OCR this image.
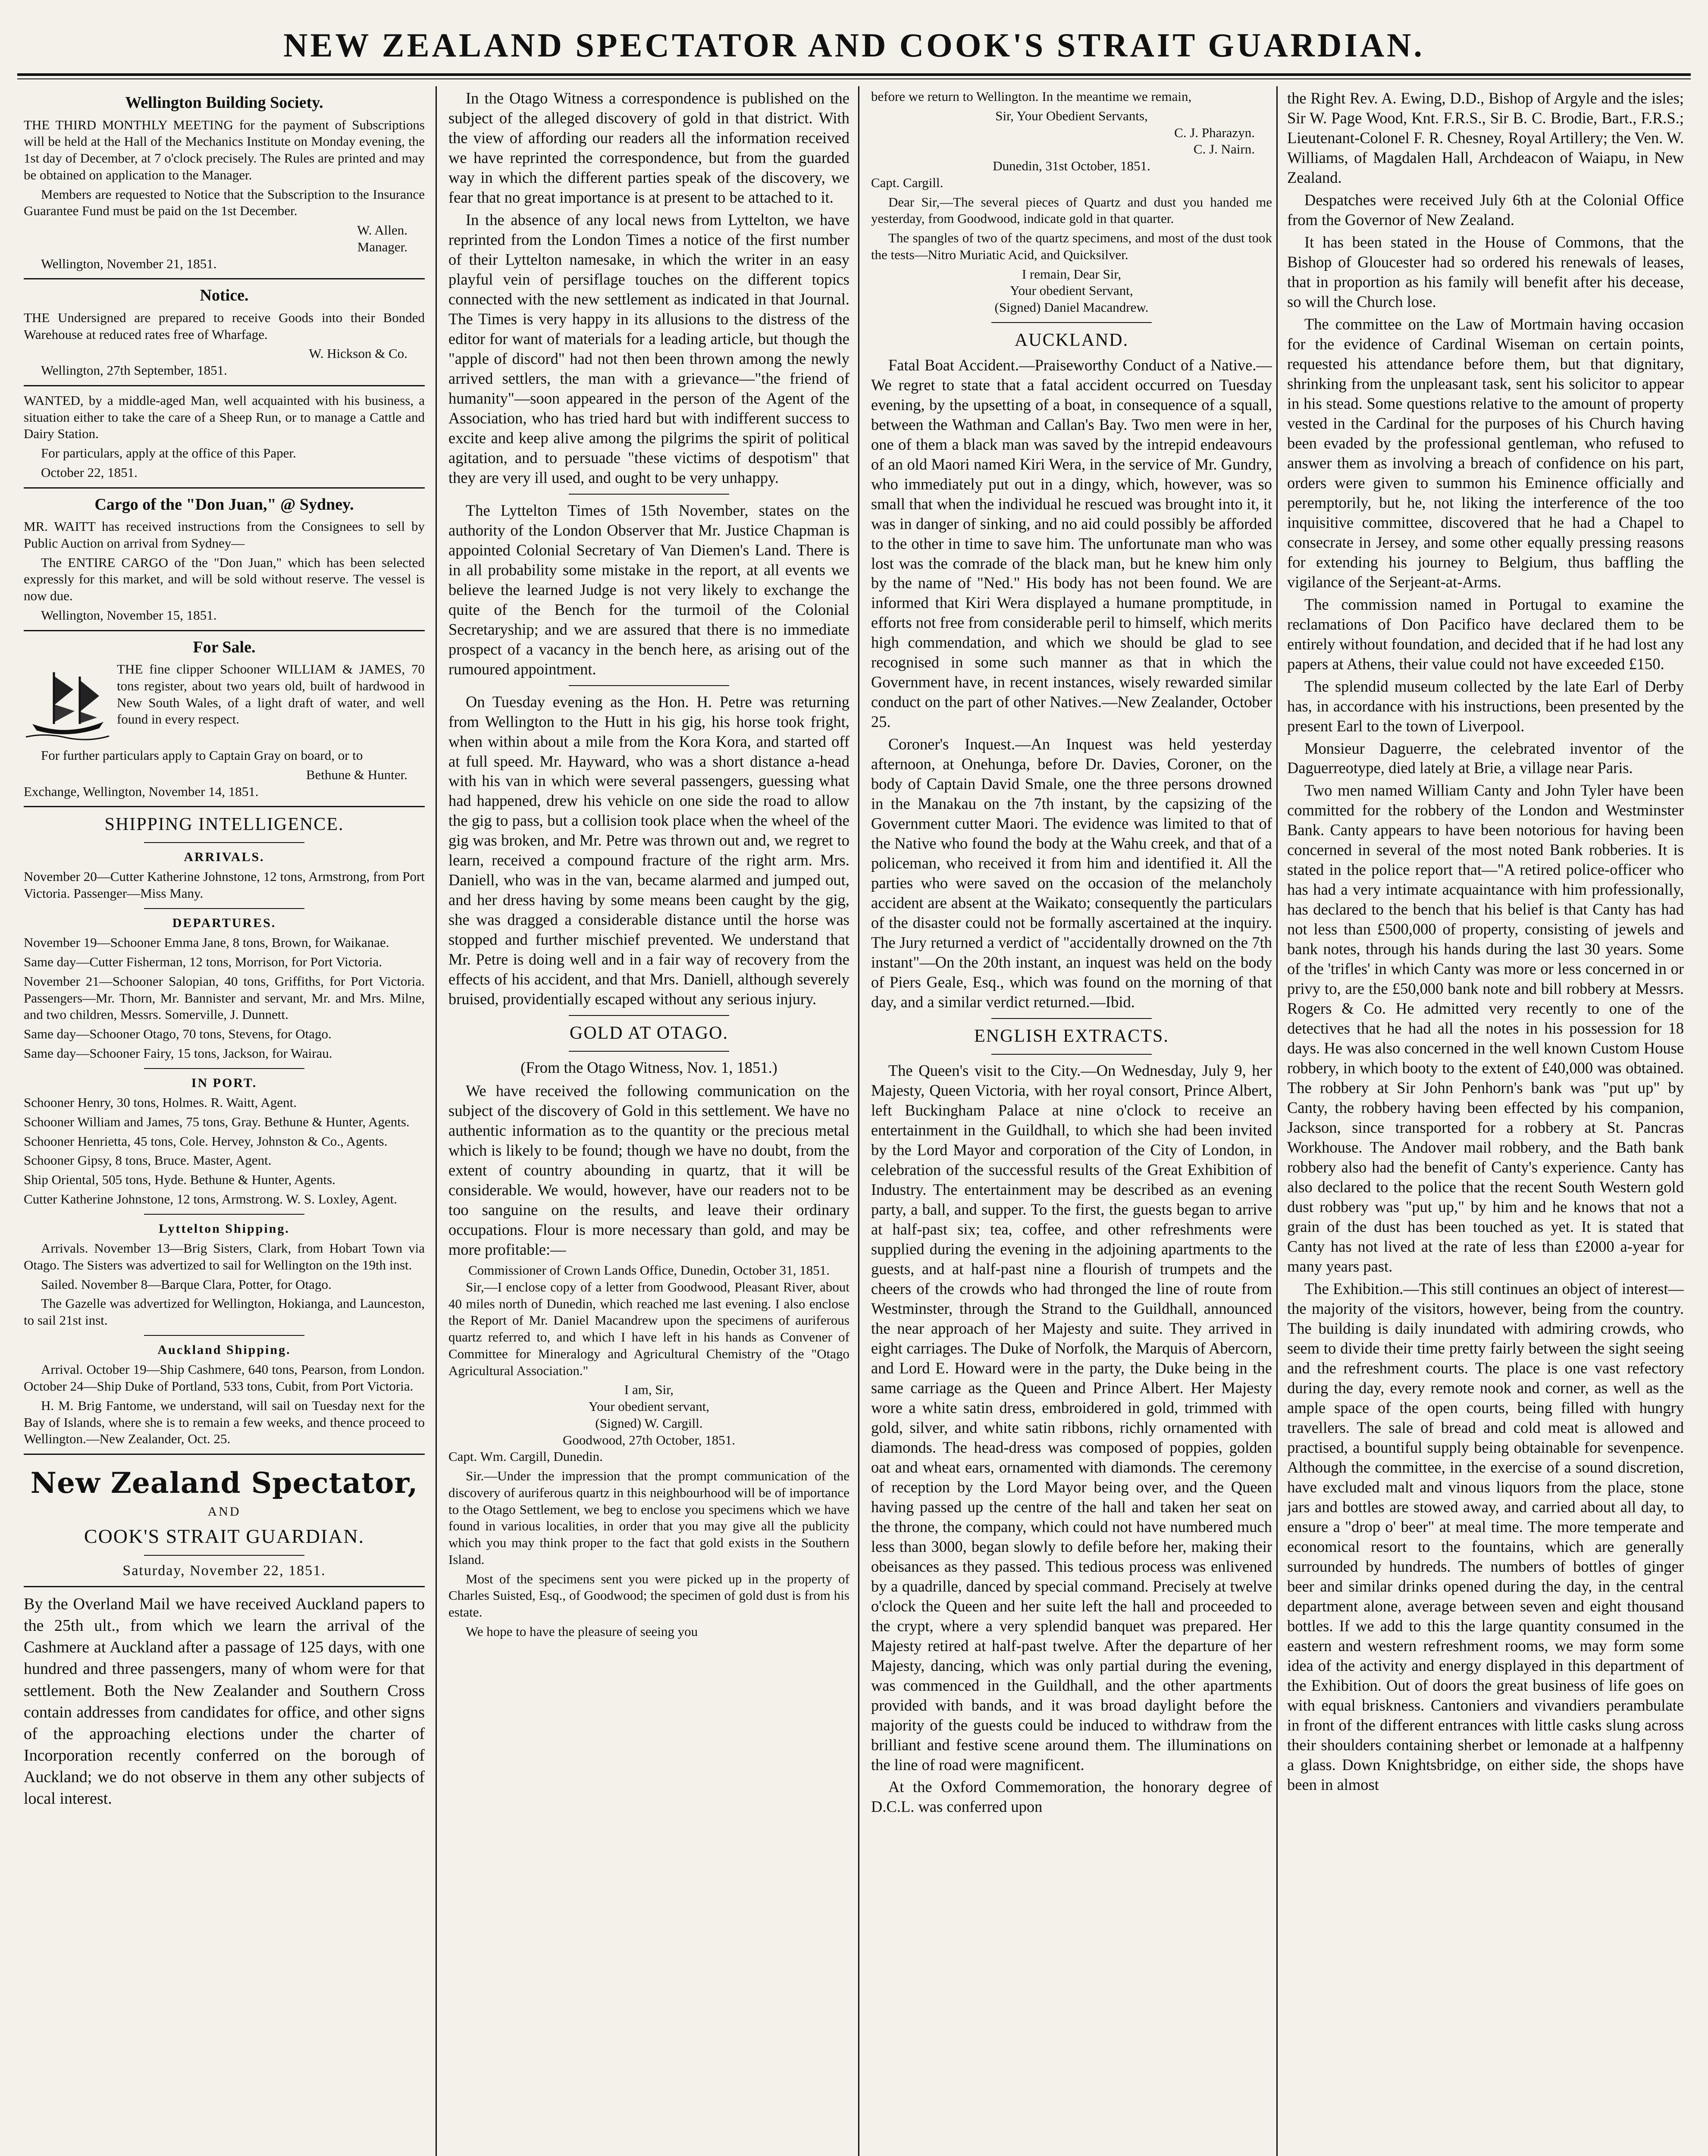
NEW ZEALAND SPECTATOR AND COOK'S STRAIT GUARDIAN.
Wellington Building Society.

THE THIRD MONTHLY MEETING for the payment of Subscriptions will be held at the Hall of the Mechanics Institute on Monday evening, the 1st day of December, at 7 o'clock precisely. The Rules are printed and may be obtained on application to the Manager.

Members are requested to Notice that the Subscription to the Insurance Guarantee Fund must be paid on the 1st December.

W. Allen.
Manager.

Wellington, November 21, 1851.

Notice.

THE Undersigned are prepared to receive Goods into their Bonded Warehouse at reduced rates free of Wharfage.

W. Hickson & Co.

Wellington, 27th September, 1851.

WANTED, by a middle-aged Man, well acquainted with his business, a situation either to take the care of a Sheep Run, or to manage a Cattle and Dairy Station.

For particulars, apply at the office of this Paper.

October 22, 1851.

Cargo of the "Don Juan," @ Sydney.

MR. WAITT has received instructions from the Consignees to sell by Public Auction on arrival from Sydney—

The ENTIRE CARGO of the "Don Juan," which has been selected expressly for this market, and will be sold without reserve. The vessel is now due.

Wellington, November 15, 1851.

For Sale.

THE fine clipper Schooner WILLIAM & JAMES, 70 tons register, about two years old, built of hardwood in New South Wales, of a light draft of water, and well found in every respect.

For further particulars apply to Captain Gray on board, or to

Bethune & Hunter.

Exchange, Wellington, November 14, 1851.

SHIPPING INTELLIGENCE.
ARRIVALS.

November 20—Cutter Katherine Johnstone, 12 tons, Armstrong, from Port Victoria. Passenger—Miss Many.

DEPARTURES.

November 19—Schooner Emma Jane, 8 tons, Brown, for Waikanae.

Same day—Cutter Fisherman, 12 tons, Morrison, for Port Victoria.

November 21—Schooner Salopian, 40 tons, Griffiths, for Port Victoria. Passengers—Mr. Thorn, Mr. Bannister and servant, Mr. and Mrs. Milne, and two children, Messrs. Somerville, J. Dunnett.

Same day—Schooner Otago, 70 tons, Stevens, for Otago.

Same day—Schooner Fairy, 15 tons, Jackson, for Wairau.

IN PORT.

Schooner Henry, 30 tons, Holmes. R. Waitt, Agent.

Schooner William and James, 75 tons, Gray. Bethune & Hunter, Agents.

Schooner Henrietta, 45 tons, Cole. Hervey, Johnston & Co., Agents.

Schooner Gipsy, 8 tons, Bruce. Master, Agent.

Ship Oriental, 505 tons, Hyde. Bethune & Hunter, Agents.

Cutter Katherine Johnstone, 12 tons, Armstrong. W. S. Loxley, Agent.

Lyttelton Shipping.

Arrivals. November 13—Brig Sisters, Clark, from Hobart Town via Otago. The Sisters was advertized to sail for Wellington on the 19th inst.

Sailed. November 8—Barque Clara, Potter, for Otago.

The Gazelle was advertized for Wellington, Hokianga, and Launceston, to sail 21st inst.

Auckland Shipping.

Arrival. October 19—Ship Cashmere, 640 tons, Pearson, from London. October 24—Ship Duke of Portland, 533 tons, Cubit, from Port Victoria.

H. M. Brig Fantome, we understand, will sail on Tuesday next for the Bay of Islands, where she is to remain a few weeks, and thence proceed to Wellington.—New Zealander, Oct. 25.

New Zealand Spectator,
AND
COOK'S STRAIT GUARDIAN.
Saturday, November 22, 1851.

By the Overland Mail we have received Auckland papers to the 25th ult., from which we learn the arrival of the Cashmere at Auckland after a passage of 125 days, with one hundred and three passengers, many of whom were for that settlement. Both the New Zealander and Southern Cross contain addresses from candidates for office, and other signs of the approaching elections under the charter of Incorporation recently conferred on the borough of Auckland; we do not observe in them any other subjects of local interest.

In the Otago Witness a correspondence is published on the subject of the alleged discovery of gold in that district. With the view of affording our readers all the information received we have reprinted the correspondence, but from the guarded way in which the different parties speak of the discovery, we fear that no great importance is at present to be attached to it.

In the absence of any local news from Lyttelton, we have reprinted from the London Times a notice of the first number of their Lyttelton namesake, in which the writer in an easy playful vein of persiflage touches on the different topics connected with the new settlement as indicated in that Journal. The Times is very happy in its allusions to the distress of the editor for want of materials for a leading article, but though the "apple of discord" had not then been thrown among the newly arrived settlers, the man with a grievance—"the friend of humanity"—soon appeared in the person of the Agent of the Association, who has tried hard but with indifferent success to excite and keep alive among the pilgrims the spirit of political agitation, and to persuade "these victims of despotism" that they are very ill used, and ought to be very unhappy.

The Lyttelton Times of 15th November, states on the authority of the London Observer that Mr. Justice Chapman is appointed Colonial Secretary of Van Diemen's Land. There is in all probability some mistake in the report, at all events we believe the learned Judge is not very likely to exchange the quite of the Bench for the turmoil of the Colonial Secretaryship; and we are assured that there is no immediate prospect of a vacancy in the bench here, as arising out of the rumoured appointment.

On Tuesday evening as the Hon. H. Petre was returning from Wellington to the Hutt in his gig, his horse took fright, when within about a mile from the Kora Kora, and started off at full speed. Mr. Hayward, who was a short distance a-head with his van in which were several passengers, guessing what had happened, drew his vehicle on one side the road to allow the gig to pass, but a collision took place when the wheel of the gig was broken, and Mr. Petre was thrown out and, we regret to learn, received a compound fracture of the right arm. Mrs. Daniell, who was in the van, became alarmed and jumped out, and her dress having by some means been caught by the gig, she was dragged a considerable distance until the horse was stopped and further mischief prevented. We understand that Mr. Petre is doing well and in a fair way of recovery from the effects of his accident, and that Mrs. Daniell, although severely bruised, providentially escaped without any serious injury.

GOLD AT OTAGO.
(From the Otago Witness, Nov. 1, 1851.)

We have received the following communication on the subject of the discovery of Gold in this settlement. We have no authentic information as to the quantity or the precious metal which is likely to be found; though we have no doubt, from the extent of country abounding in quartz, that it will be considerable. We would, however, have our readers not to be too sanguine on the results, and leave their ordinary occupations. Flour is more necessary than gold, and may be more profitable:—

Commissioner of Crown Lands Office, Dunedin, October 31, 1851.

Sir,—I enclose copy of a letter from Goodwood, Pleasant River, about 40 miles north of Dunedin, which reached me last evening. I also enclose the Report of Mr. Daniel Macandrew upon the specimens of auriferous quartz referred to, and which I have left in his hands as Convener of Committee for Mineralogy and Agricultural Chemistry of the "Otago Agricultural Association."

I am, Sir,
Your obedient servant,
(Signed) W. Cargill.
Goodwood, 27th October, 1851.

Capt. Wm. Cargill, Dunedin.

Sir.—Under the impression that the prompt communication of the discovery of auriferous quartz in this neighbourhood will be of importance to the Otago Settlement, we beg to enclose you specimens which we have found in various localities, in order that you may give all the publicity which you may think proper to the fact that gold exists in the Southern Island.

Most of the specimens sent you were picked up in the property of Charles Suisted, Esq., of Goodwood; the specimen of gold dust is from his estate.

We hope to have the pleasure of seeing you

before we return to Wellington. In the meantime we remain,

Sir, Your Obedient Servants,
C. J. Pharazyn.
C. J. Nairn.
Dunedin, 31st October, 1851.

Capt. Cargill.

Dear Sir,—The several pieces of Quartz and dust you handed me yesterday, from Goodwood, indicate gold in that quarter.

The spangles of two of the quartz specimens, and most of the dust took the tests—Nitro Muriatic Acid, and Quicksilver.

I remain, Dear Sir,
Your obedient Servant,
(Signed) Daniel Macandrew.
AUCKLAND.

Fatal Boat Accident.—Praiseworthy Conduct of a Native.—We regret to state that a fatal accident occurred on Tuesday evening, by the upsetting of a boat, in consequence of a squall, between the Wathman and Callan's Bay. Two men were in her, one of them a black man was saved by the intrepid endeavours of an old Maori named Kiri Wera, in the service of Mr. Gundry, who immediately put out in a dingy, which, however, was so small that when the individual he rescued was brought into it, it was in danger of sinking, and no aid could possibly be afforded to the other in time to save him. The unfortunate man who was lost was the comrade of the black man, but he knew him only by the name of "Ned." His body has not been found. We are informed that Kiri Wera displayed a humane promptitude, in efforts not free from considerable peril to himself, which merits high commendation, and which we should be glad to see recognised in some such manner as that in which the Government have, in recent instances, wisely rewarded similar conduct on the part of other Natives.—New Zealander, October 25.

Coroner's Inquest.—An Inquest was held yesterday afternoon, at Onehunga, before Dr. Davies, Coroner, on the body of Captain David Smale, one the three persons drowned in the Manakau on the 7th instant, by the capsizing of the Government cutter Maori. The evidence was limited to that of the Native who found the body at the Wahu creek, and that of a policeman, who received it from him and identified it. All the parties who were saved on the occasion of the melancholy accident are absent at the Waikato; consequently the particulars of the disaster could not be formally ascertained at the inquiry. The Jury returned a verdict of "accidentally drowned on the 7th instant"—On the 20th instant, an inquest was held on the body of Piers Geale, Esq., which was found on the morning of that day, and a similar verdict returned.—Ibid.

ENGLISH EXTRACTS.

The Queen's visit to the City.—On Wednesday, July 9, her Majesty, Queen Victoria, with her royal consort, Prince Albert, left Buckingham Palace at nine o'clock to receive an entertainment in the Guildhall, to which she had been invited by the Lord Mayor and corporation of the City of London, in celebration of the successful results of the Great Exhibition of Industry. The entertainment may be described as an evening party, a ball, and supper. To the first, the guests began to arrive at half-past six; tea, coffee, and other refreshments were supplied during the evening in the adjoining apartments to the guests, and at half-past nine a flourish of trumpets and the cheers of the crowds who had thronged the line of route from Westminster, through the Strand to the Guildhall, announced the near approach of her Majesty and suite. They arrived in eight carriages. The Duke of Norfolk, the Marquis of Abercorn, and Lord E. Howard were in the party, the Duke being in the same carriage as the Queen and Prince Albert. Her Majesty wore a white satin dress, embroidered in gold, trimmed with gold, silver, and white satin ribbons, richly ornamented with diamonds. The head-dress was composed of poppies, golden oat and wheat ears, ornamented with diamonds. The ceremony of reception by the Lord Mayor being over, and the Queen having passed up the centre of the hall and taken her seat on the throne, the company, which could not have numbered much less than 3000, began slowly to defile before her, making their obeisances as they passed. This tedious process was enlivened by a quadrille, danced by special command. Precisely at twelve o'clock the Queen and her suite left the hall and proceeded to the crypt, where a very splendid banquet was prepared. Her Majesty retired at half-past twelve. After the departure of her Majesty, dancing, which was only partial during the evening, was commenced in the Guildhall, and the other apartments provided with bands, and it was broad daylight before the majority of the guests could be induced to withdraw from the brilliant and festive scene around them. The illuminations on the line of road were magnificent.

At the Oxford Commemoration, the honorary degree of D.C.L. was conferred upon

the Right Rev. A. Ewing, D.D., Bishop of Argyle and the isles; Sir W. Page Wood, Knt. F.R.S., Sir B. C. Brodie, Bart., F.R.S.; Lieutenant-Colonel F. R. Chesney, Royal Artillery; the Ven. W. Williams, of Magdalen Hall, Archdeacon of Waiapu, in New Zealand.

Despatches were received July 6th at the Colonial Office from the Governor of New Zealand.

It has been stated in the House of Commons, that the Bishop of Gloucester had so ordered his renewals of leases, that in proportion as his family will benefit after his decease, so will the Church lose.

The committee on the Law of Mortmain having occasion for the evidence of Cardinal Wiseman on certain points, requested his attendance before them, but that dignitary, shrinking from the unpleasant task, sent his solicitor to appear in his stead. Some questions relative to the amount of property vested in the Cardinal for the purposes of his Church having been evaded by the professional gentleman, who refused to answer them as involving a breach of confidence on his part, orders were given to summon his Eminence officially and peremptorily, but he, not liking the interference of the too inquisitive committee, discovered that he had a Chapel to consecrate in Jersey, and some other equally pressing reasons for extending his journey to Belgium, thus baffling the vigilance of the Serjeant-at-Arms.

The commission named in Portugal to examine the reclamations of Don Pacifico have declared them to be entirely without foundation, and decided that if he had lost any papers at Athens, their value could not have exceeded £150.

The splendid museum collected by the late Earl of Derby has, in accordance with his instructions, been presented by the present Earl to the town of Liverpool.

Monsieur Daguerre, the celebrated inventor of the Daguerreotype, died lately at Brie, a village near Paris.

Two men named William Canty and John Tyler have been committed for the robbery of the London and Westminster Bank. Canty appears to have been notorious for having been concerned in several of the most noted Bank robberies. It is stated in the police report that—"A retired police-officer who has had a very intimate acquaintance with him professionally, has declared to the bench that his belief is that Canty has had not less than £500,000 of property, consisting of jewels and bank notes, through his hands during the last 30 years. Some of the 'trifles' in which Canty was more or less concerned in or privy to, are the £50,000 bank note and bill robbery at Messrs. Rogers & Co. He admitted very recently to one of the detectives that he had all the notes in his possession for 18 days. He was also concerned in the well known Custom House robbery, in which booty to the extent of £40,000 was obtained. The robbery at Sir John Penhorn's bank was "put up" by Canty, the robbery having been effected by his companion, Jackson, since transported for a robbery at St. Pancras Workhouse. The Andover mail robbery, and the Bath bank robbery also had the benefit of Canty's experience. Canty has also declared to the police that the recent South Western gold dust robbery was "put up," by him and he knows that not a grain of the dust has been touched as yet. It is stated that Canty has not lived at the rate of less than £2000 a-year for many years past.

The Exhibition.—This still continues an object of interest—the majority of the visitors, however, being from the country. The building is daily inundated with admiring crowds, who seem to divide their time pretty fairly between the sight seeing and the refreshment courts. The place is one vast refectory during the day, every remote nook and corner, as well as the ample space of the open courts, being filled with hungry travellers. The sale of bread and cold meat is allowed and practised, a bountiful supply being obtainable for sevenpence. Although the committee, in the exercise of a sound discretion, have excluded malt and vinous liquors from the place, stone jars and bottles are stowed away, and carried about all day, to ensure a "drop o' beer" at meal time. The more temperate and economical resort to the fountains, which are generally surrounded by hundreds. The numbers of bottles of ginger beer and similar drinks opened during the day, in the central department alone, average between seven and eight thousand bottles. If we add to this the large quantity consumed in the eastern and western refreshment rooms, we may form some idea of the activity and energy displayed in this department of the Exhibition. Out of doors the great business of life goes on with equal briskness. Cantoniers and vivandiers perambulate in front of the different entrances with little casks slung across their shoulders containing sherbet or lemonade at a halfpenny a glass. Down Knightsbridge, on either side, the shops have been in almost
